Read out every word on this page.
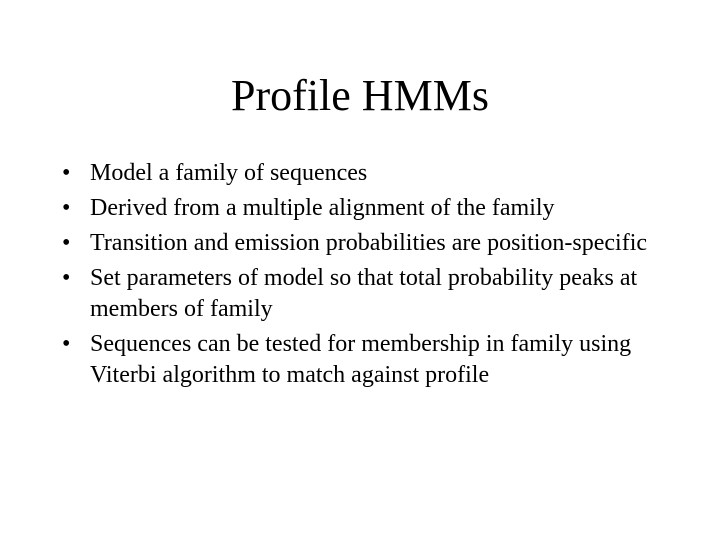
Profile HMMs
• Model a family of sequences
• Derived from a multiple alignment of the family
• Transition and emission probabilities are position-specific
• Set parameters of model so that total probability peaks at members of family
• Sequences can be tested for membership in family using Viterbi algorithm to match against profile
